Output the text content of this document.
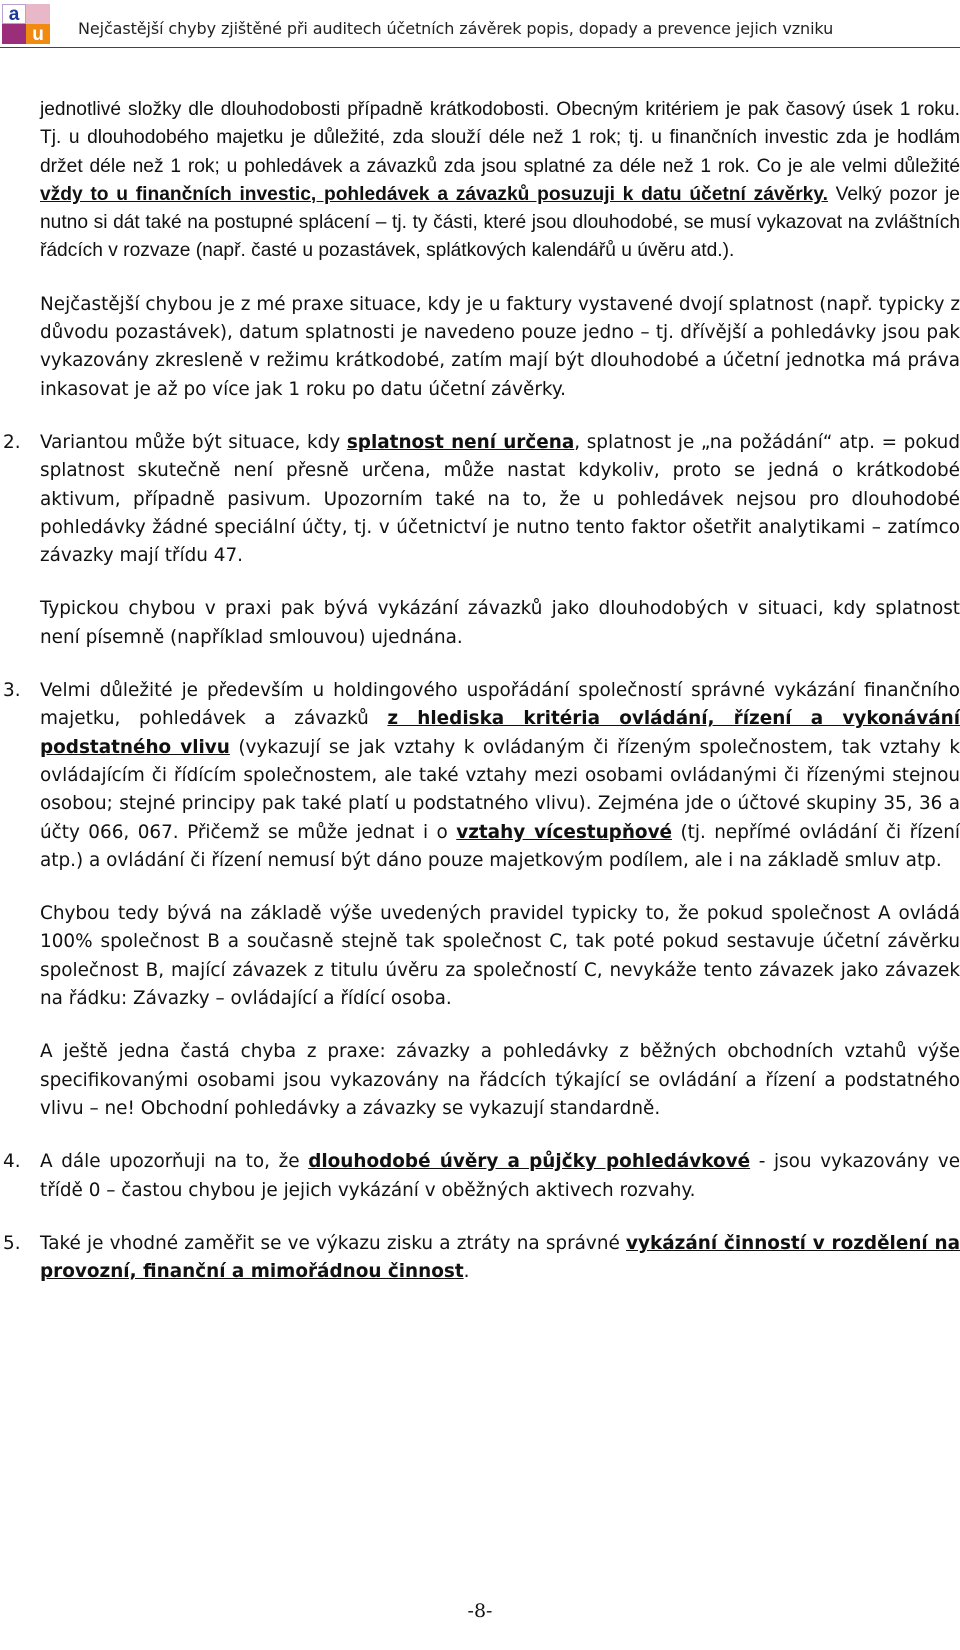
a
u	Nejčastější chyby zjištěné při auditech účetních závěrek popis, dopady a prevence jejich vzniku

jednotlivé složky dle dlouhodobosti případně krátkodobosti. Obecným kritériem je pak časový úsek 1 roku. Tj. u dlouhodobého majetku je důležité, zda slouží déle než 1 rok; tj. u finančních investic zda je hodlám držet déle než 1 rok; u pohledávek a závazků zda jsou splatné za déle než 1 rok. Co je ale velmi důležité vždy to u finančních investic, pohledávek a závazků posuzuji k datu účetní závěrky. Velký pozor je nutno si dát také na postupné splácení – tj. ty části, které jsou dlouhodobé, se musí vykazovat na zvláštních řádcích v rozvaze (např. časté u pozastávek, splátkových kalendářů u úvěru atd.).

Nejčastější chybou je z mé praxe situace, kdy je u faktury vystavené dvojí splatnost (např. typicky z důvodu pozastávek), datum splatnosti je navedeno pouze jedno – tj. dřívější a pohledávky jsou pak vykazovány zkresleně v režimu krátkodobé, zatím mají být dlouhodobé a účetní jednotka má práva inkasovat je až po více jak 1 roku po datu účetní závěrky.

2. Variantou může být situace, kdy splatnost není určena, splatnost je „na požádání“ atp. = pokud splatnost skutečně není přesně určena, může nastat kdykoliv, proto se jedná o krátkodobé aktivum, případně pasivum. Upozorním také na to, že u pohledávek nejsou pro dlouhodobé pohledávky žádné speciální účty, tj. v účetnictví je nutno tento faktor ošetřit analytikami – zatímco závazky mají třídu 47.

Typickou chybou v praxi pak bývá vykázání závazků jako dlouhodobých v situaci, kdy splatnost není písemně (například smlouvou) ujednána.

3. Velmi důležité je především u holdingového uspořádání společností správné vykázání finančního majetku, pohledávek a závazků z hlediska kritéria ovládání, řízení a vykonávání podstatného vlivu (vykazují se jak vztahy k ovládaným či řízeným společnostem, tak vztahy k ovládajícím či řídícím společnostem, ale také vztahy mezi osobami ovládanými či řízenými stejnou osobou; stejné principy pak také platí u podstatného vlivu). Zejména jde o účtové skupiny 35, 36 a účty 066, 067. Přičemž se může jednat i o vztahy vícestupňové (tj. nepřímé ovládání či řízení atp.) a ovládání či řízení nemusí být dáno pouze majetkovým podílem, ale i na základě smluv atp.

Chybou tedy bývá na základě výše uvedených pravidel typicky to, že pokud společnost A ovládá 100% společnost B a současně stejně tak společnost C, tak poté pokud sestavuje účetní závěrku společnost B, mající závazek z titulu úvěru za společností C, nevykáže tento závazek jako závazek na řádku: Závazky – ovládající a řídící osoba.

A ještě jedna častá chyba z praxe: závazky a pohledávky z běžných obchodních vztahů výše specifikovanými osobami jsou vykazovány na řádcích týkající se ovládání a řízení a podstatného vlivu – ne! Obchodní pohledávky a závazky se vykazují standardně.

4. A dále upozorňuji na to, že dlouhodobé úvěry a půjčky pohledávkové - jsou vykazovány ve třídě 0 – častou chybou je jejich vykázání v oběžných aktivech rozvahy.

5. Také je vhodné zaměřit se ve výkazu zisku a ztráty na správné vykázání činností v rozdělení na provozní, finanční a mimořádnou činnost.

-8-
